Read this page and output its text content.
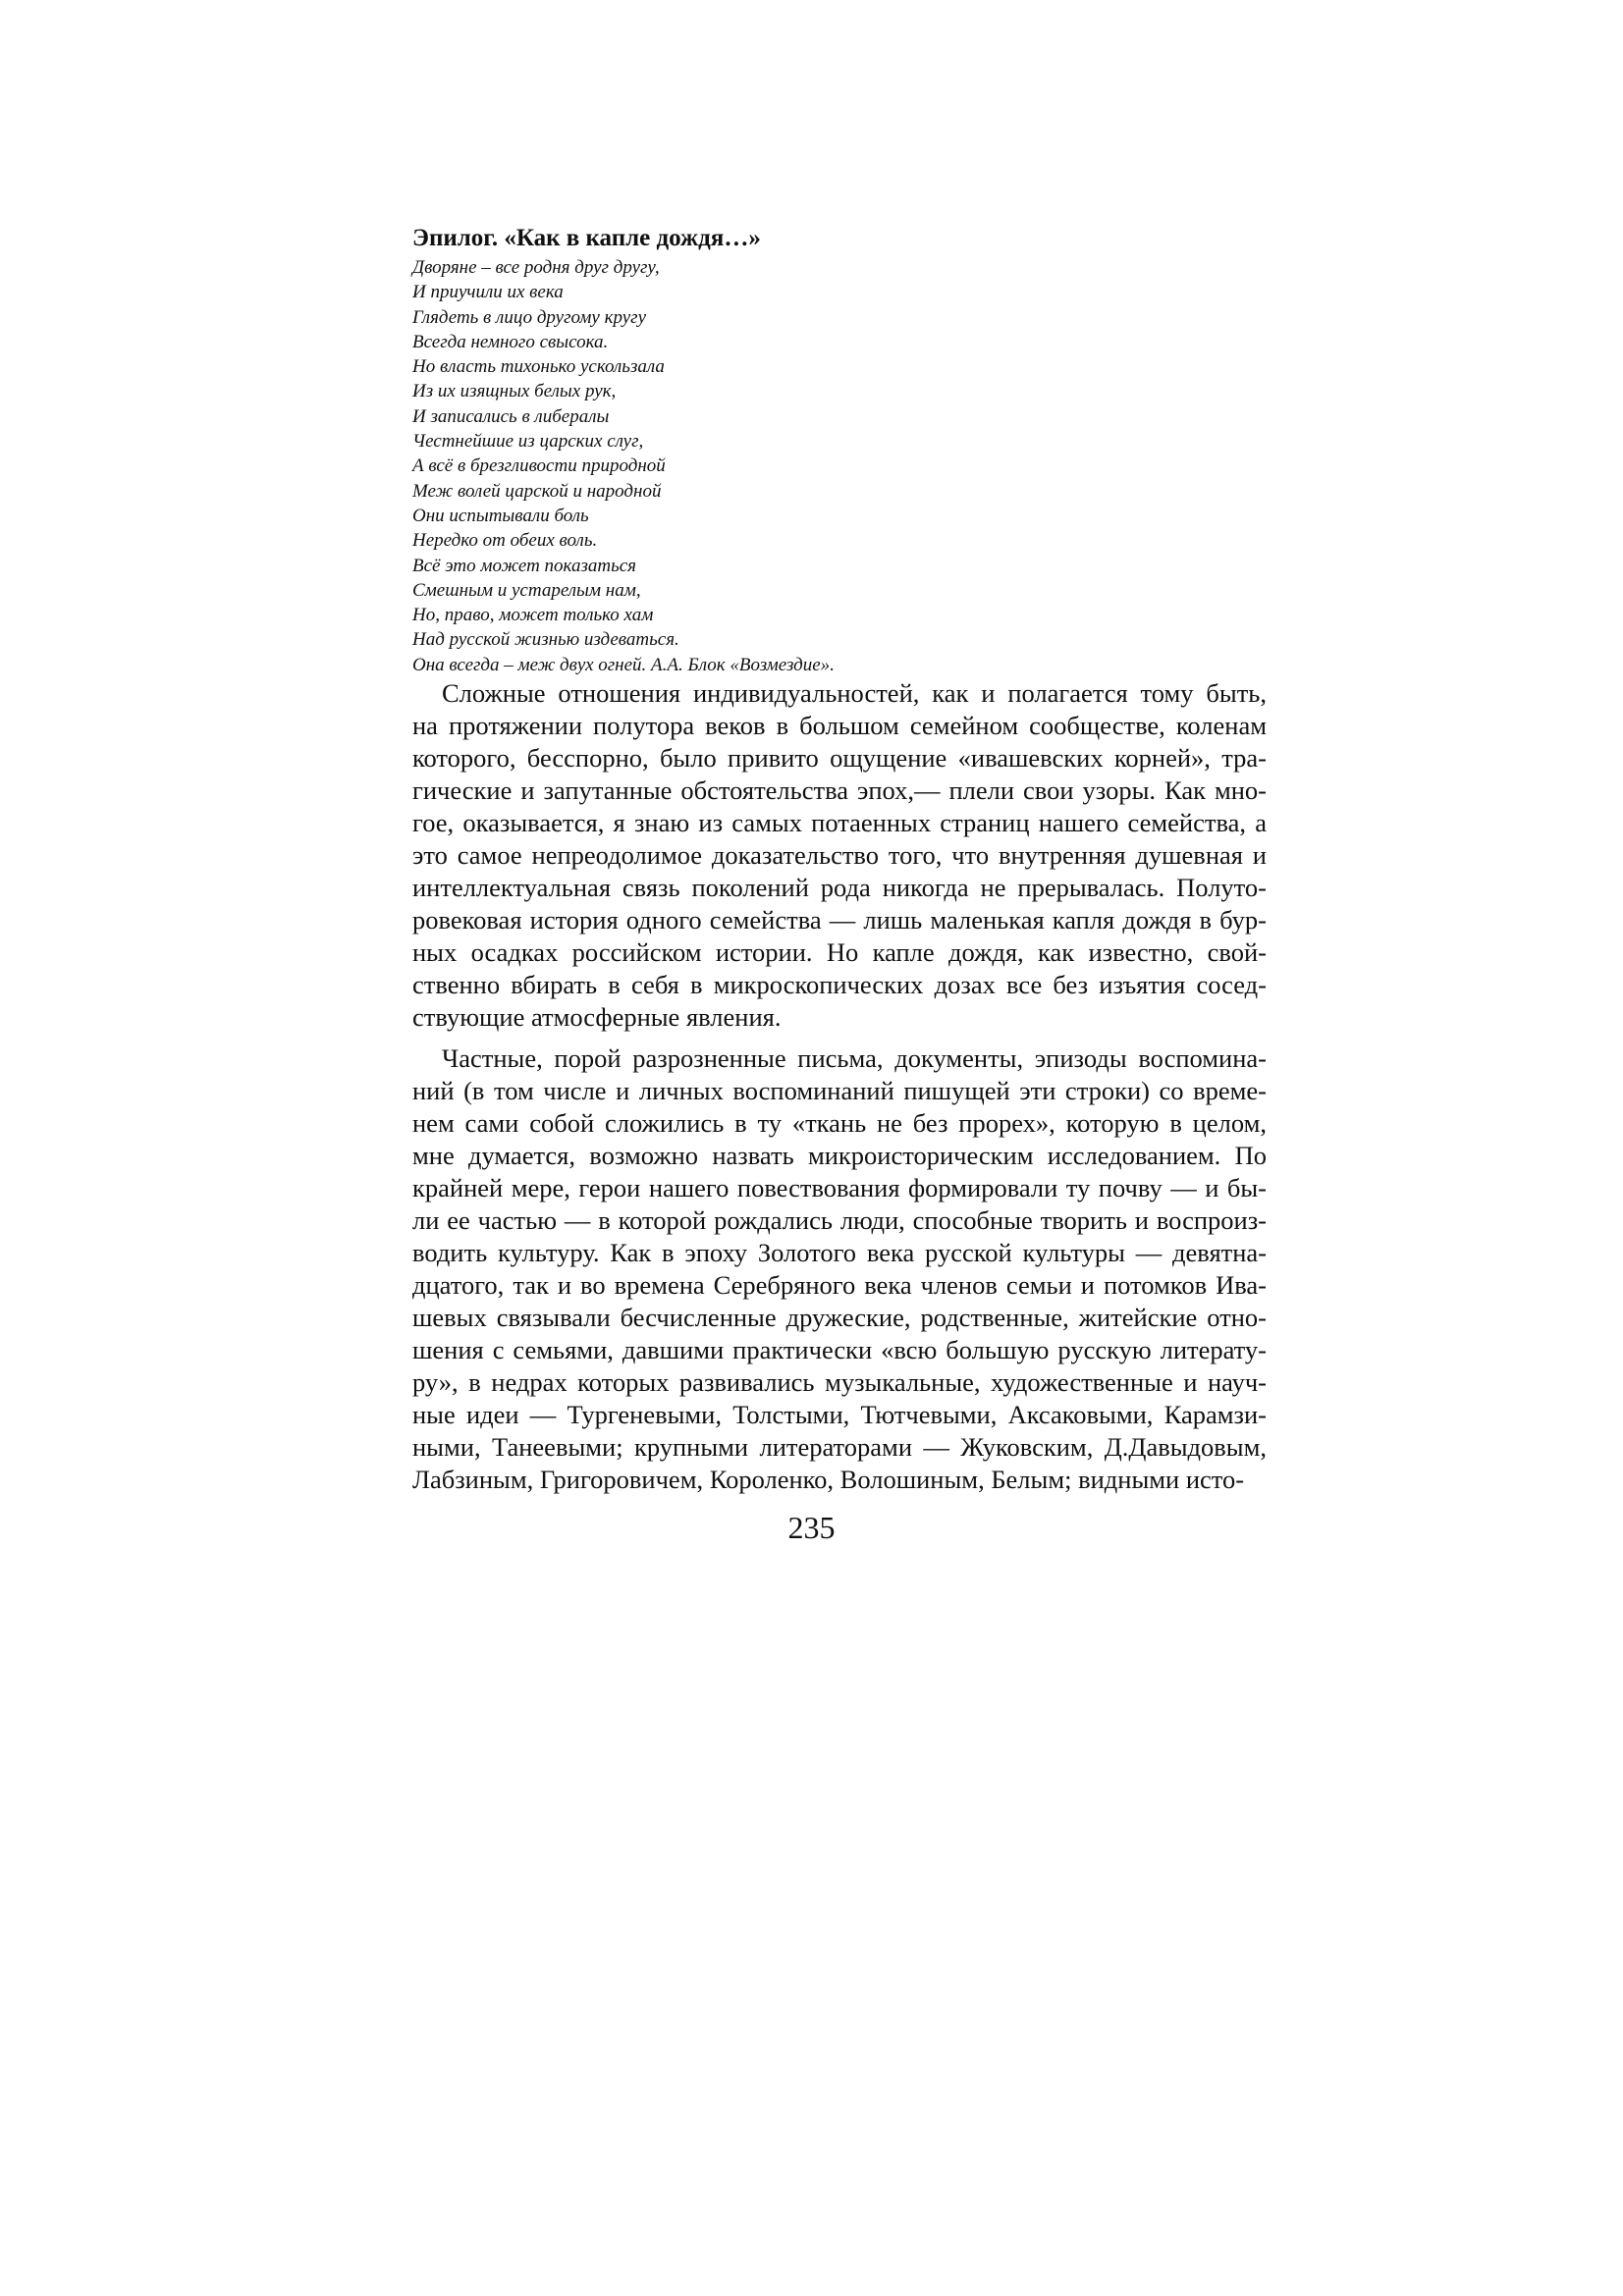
Эпилог. «Как в капле дождя…»
Дворяне – все родня друг другу,
И приучили их века
Глядеть в лицо другому кругу
Всегда немного свысока.
Но власть тихонько ускользала
Из их изящных белых рук,
И записались в либералы
Честнейшие из царских слуг,
А всё в брезгливости природной
Меж волей царской и народной
Они испытывали боль
Нередко от обеих воль.
Всё это может показаться
Смешным и устарелым нам,
Но, право, может только хам
Над русской жизнью издеваться.
Она всегда – меж двух огней. А.А. Блок «Возмездие».
Сложные отношения индивидуальностей, как и полагается тому быть,
на протяжении полутора веков в большом семейном сообществе, коленам
которого, бесспорно, было привито ощущение «ивашевских корней», тра-
гические и запутанные обстоятельства эпох,— плели свои узоры. Как мно-
гое, оказывается, я знаю из самых потаенных страниц нашего семейства, а
это самое непреодолимое доказательство того, что внутренняя душевная и
интеллектуальная связь поколений рода никогда не прерывалась. Полуто-
ровековая история одного семейства — лишь маленькая капля дождя в бур-
ных осадках российском истории. Но капле дождя, как известно, свой-
ственно вбирать в себя в микроскопических дозах все без изъятия сосед-
ствующие атмосферные явления.
Частные, порой разрозненные письма, документы, эпизоды воспомина-
ний (в том числе и личных воспоминаний пишущей эти строки) со време-
нем сами собой сложились в ту «ткань не без прорех», которую в целом,
мне думается, возможно назвать микроисторическим исследованием. По
крайней мере, герои нашего повествования формировали ту почву — и бы-
ли ее частью — в которой рождались люди, способные творить и воспроиз-
водить культуру. Как в эпоху Золотого века русской культуры — девятна-
дцатого, так и во времена Серебряного века членов семьи и потомков Ива-
шевых связывали бесчисленные дружеские, родственные, житейские отно-
шения с семьями, давшими практически «всю большую русскую литерату-
ру», в недрах которых развивались музыкальные, художественные и науч-
ные идеи — Тургеневыми, Толстыми, Тютчевыми, Аксаковыми, Карамзи-
ными, Танеевыми; крупными литераторами — Жуковским, Д.Давыдовым,
Лабзиным, Григоровичем, Короленко, Волошиным, Белым; видными исто-
235
